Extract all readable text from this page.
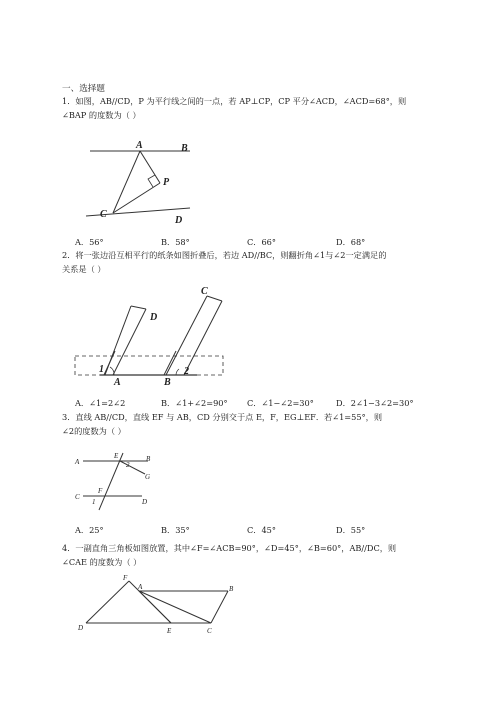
一、选择题
1．如图，AB//CD，P 为平行线之间的一点，若 AP⊥CP，CP 平分∠ACD，∠ACD=68°，则
∠BAP 的度数为（ ）
A	B
P
C
D
A．56°	B．58°	C．66°	D．68°
2．将一张边沿互相平行的纸条如图折叠后，若边 AD//BC，则翻折角∠1与∠2一定满足的
关系是（ ）
C
D
1	2
A	B
A．∠1=2∠2	B．∠1+∠2=90° C．∠1−∠2=30°	D．2∠1−3∠2=30°
3．直线 AB//CD，直线 EF 与 AB，CD 分别交于点 E，F，EG⊥EF．若∠1=55°，则
∠2的度数为（ ）
A
E
2
B
G
F
1
C
D
A．25°	B．35°	C．45°	D．55°
4．一副直角三角板如图放置，其中∠F=∠ACB=90°，∠D=45°，∠B=60°，AB//DC，则
∠CAE 的度数为（ ）
F
A	B
D	E	C
